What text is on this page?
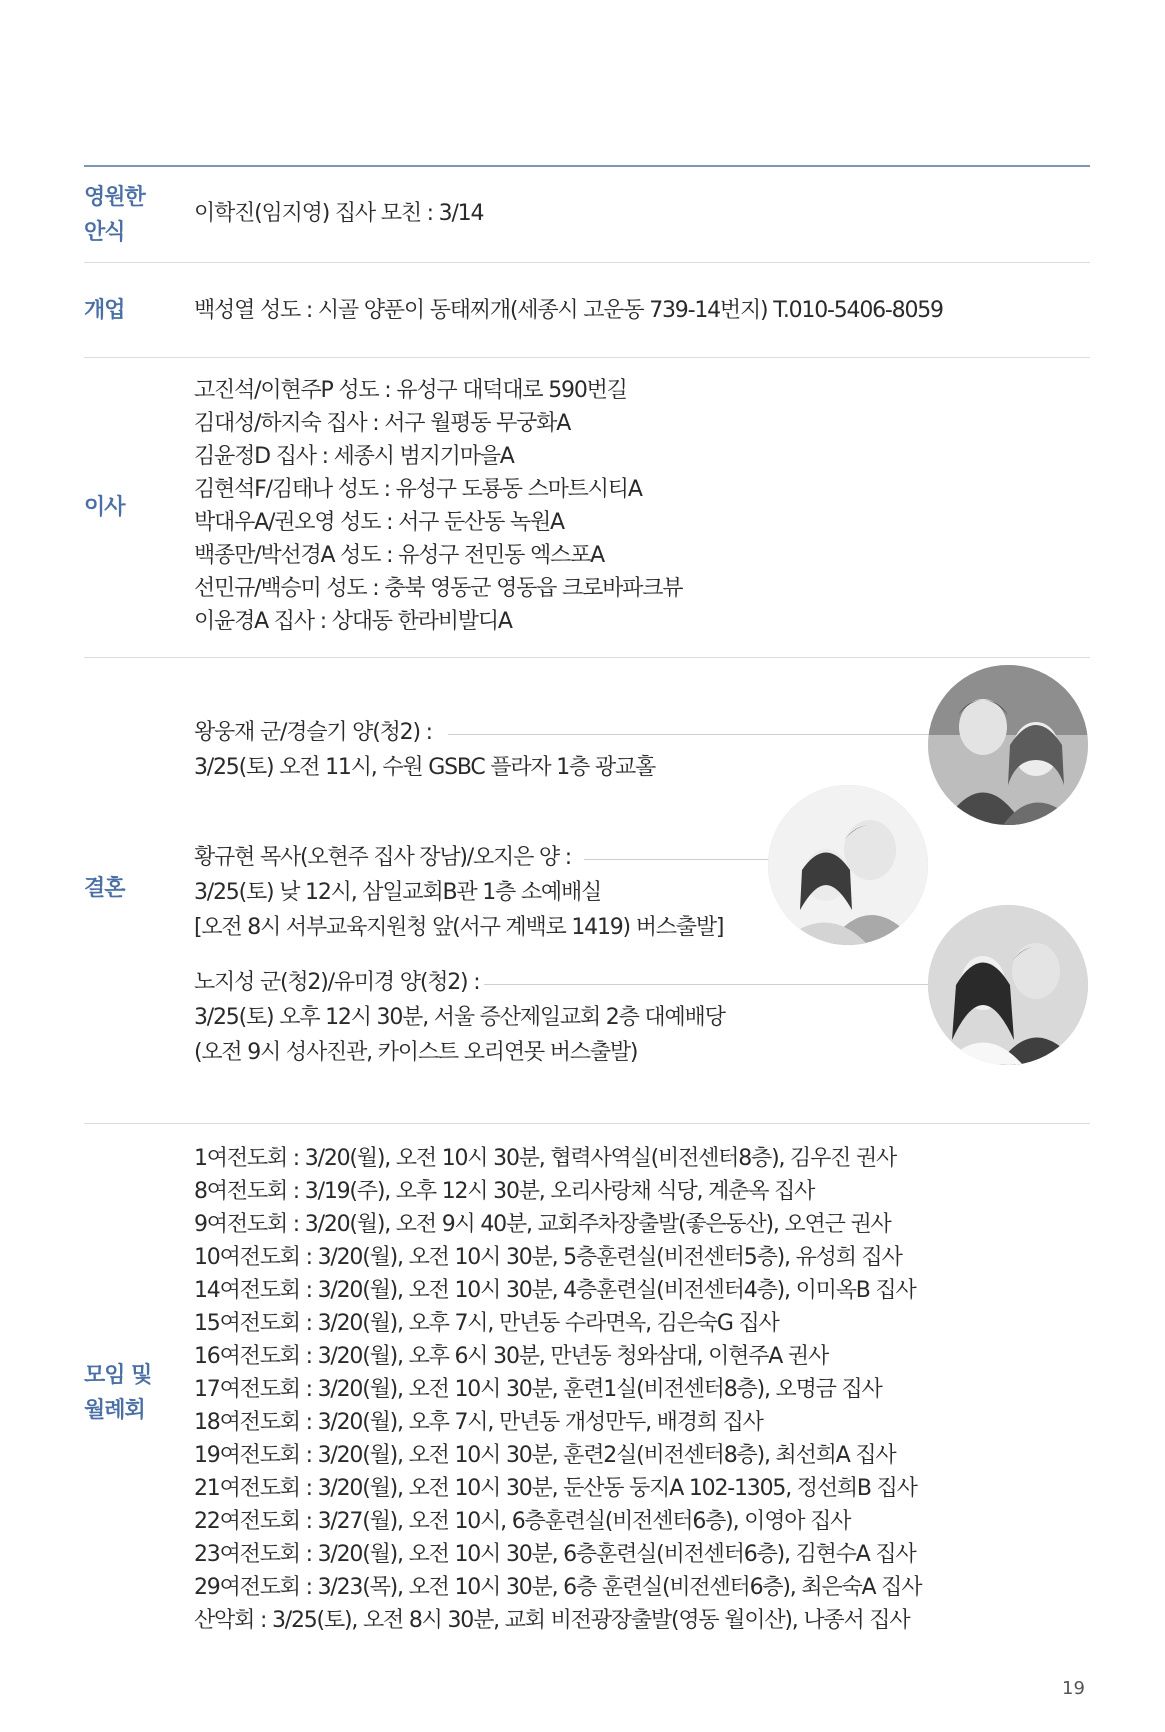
영원한
안식
이학진(임지영) 집사 모친 : 3/14
개업	백성열 성도 : 시골 양푼이 동태찌개(세종시 고운동 739-14번지) T.010-5406-8059
이사
고진석/이현주P 성도 : 유성구 대덕대로 590번길
김대성/하지숙 집사 : 서구 월평동 무궁화A
김윤정D 집사 : 세종시 범지기마을A
김현석F/김태나 성도 : 유성구 도룡동 스마트시티A
박대우A/권오영 성도 : 서구 둔산동 녹원A
백종만/박선경A 성도 : 유성구 전민동 엑스포A
선민규/백승미 성도 : 충북 영동군 영동읍 크로바파크뷰
이윤경A 집사 : 상대동 한라비발디A
결혼
왕웅재 군/경슬기 양(청2) :
3/25(토) 오전 11시, 수원 GSBC 플라자 1층 광교홀
황규현 목사(오현주 집사 장남)/오지은 양 :
3/25(토) 낮 12시, 삼일교회B관 1층 소예배실
[오전 8시 서부교육지원청 앞(서구 계백로 1419) 버스출발]
노지성 군(청2)/유미경 양(청2) :
3/25(토) 오후 12시 30분, 서울 증산제일교회 2층 대예배당
(오전 9시 성사진관, 카이스트 오리연못 버스출발)
모임 및
월례회
1여전도회 : 3/20(월), 오전 10시 30분, 협력사역실(비전센터8층), 김우진 권사
8여전도회 : 3/19(주), 오후 12시 30분, 오리사랑채 식당, 계춘옥 집사
9여전도회 : 3/20(월), 오전 9시 40분, 교회주차장출발(좋은동산), 오연근 권사
10여전도회 : 3/20(월), 오전 10시 30분, 5층훈련실(비전센터5층), 유성희 집사
14여전도회 : 3/20(월), 오전 10시 30분, 4층훈련실(비전센터4층), 이미옥B 집사
15여전도회 : 3/20(월), 오후 7시, 만년동 수라면옥, 김은숙G 집사
16여전도회 : 3/20(월), 오후 6시 30분, 만년동 청와삼대, 이현주A 권사
17여전도회 : 3/20(월), 오전 10시 30분, 훈련1실(비전센터8층), 오명금 집사
18여전도회 : 3/20(월), 오후 7시, 만년동 개성만두, 배경희 집사
19여전도회 : 3/20(월), 오전 10시 30분, 훈련2실(비전센터8층), 최선희A 집사
21여전도회 : 3/20(월), 오전 10시 30분, 둔산동 둥지A 102-1305, 정선희B 집사
22여전도회 : 3/27(월), 오전 10시, 6층훈련실(비전센터6층), 이영아 집사
23여전도회 : 3/20(월), 오전 10시 30분, 6층훈련실(비전센터6층), 김현수A 집사
29여전도회 : 3/23(목), 오전 10시 30분, 6층 훈련실(비전센터6층), 최은숙A 집사
산악회 : 3/25(토), 오전 8시 30분, 교회 비전광장출발(영동 월이산), 나종서 집사
19
